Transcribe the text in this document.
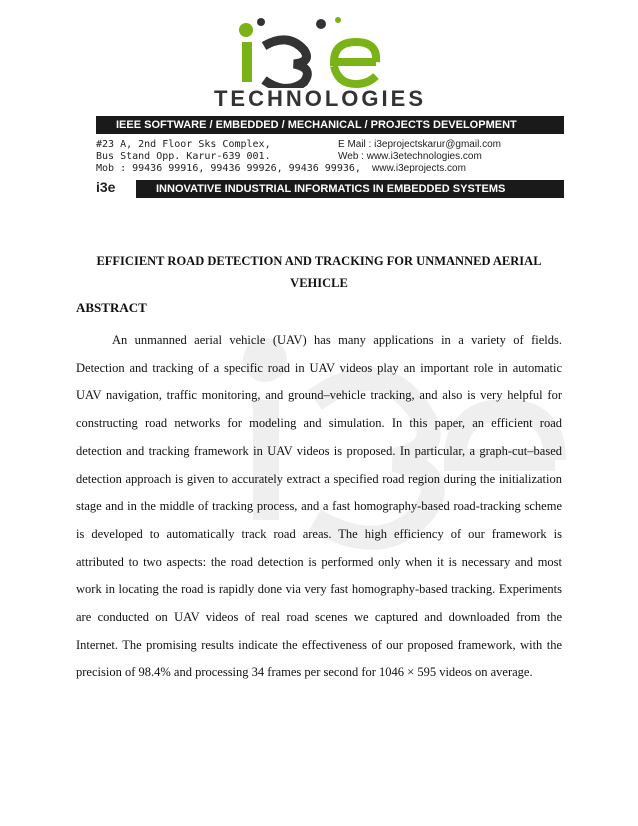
TECHNOLOGIES
IEEE SOFTWARE / EMBEDDED / MECHANICAL / PROJECTS DEVELOPMENT
#23 A, 2nd Floor Sks Complex,
Bus Stand Opp. Karur-639 001.
Mob : 99436 99916, 99436 99926, 99436 99936,
E Mail : i3eprojectskarur@gmail.com
Web : www.i3etechnologies.com
www.i3eprojects.com
INNOVATIVE INDUSTRIAL INFORMATICS IN EMBEDDED SYSTEMS
i3e
EFFICIENT ROAD DETECTION AND TRACKING FOR UNMANNED AERIAL VEHICLE
ABSTRACT
An unmanned aerial vehicle (UAV) has many applications in a variety of fields. Detection and tracking of a specific road in UAV videos play an important role in automatic UAV navigation, traffic monitoring, and ground–vehicle tracking, and also is very helpful for constructing road networks for modeling and simulation. In this paper, an efficient road detection and tracking framework in UAV videos is proposed. In particular, a graph-cut–based detection approach is given to accurately extract a specified road region during the initialization stage and in the middle of tracking process, and a fast homography-based road-tracking scheme is developed to automatically track road areas. The high efficiency of our framework is attributed to two aspects: the road detection is performed only when it is necessary and most work in locating the road is rapidly done via very fast homography-based tracking. Experiments are conducted on UAV videos of real road scenes we captured and downloaded from the Internet. The promising results indicate the effectiveness of our proposed framework, with the precision of 98.4% and processing 34 frames per second for 1046 × 595 videos on average.
